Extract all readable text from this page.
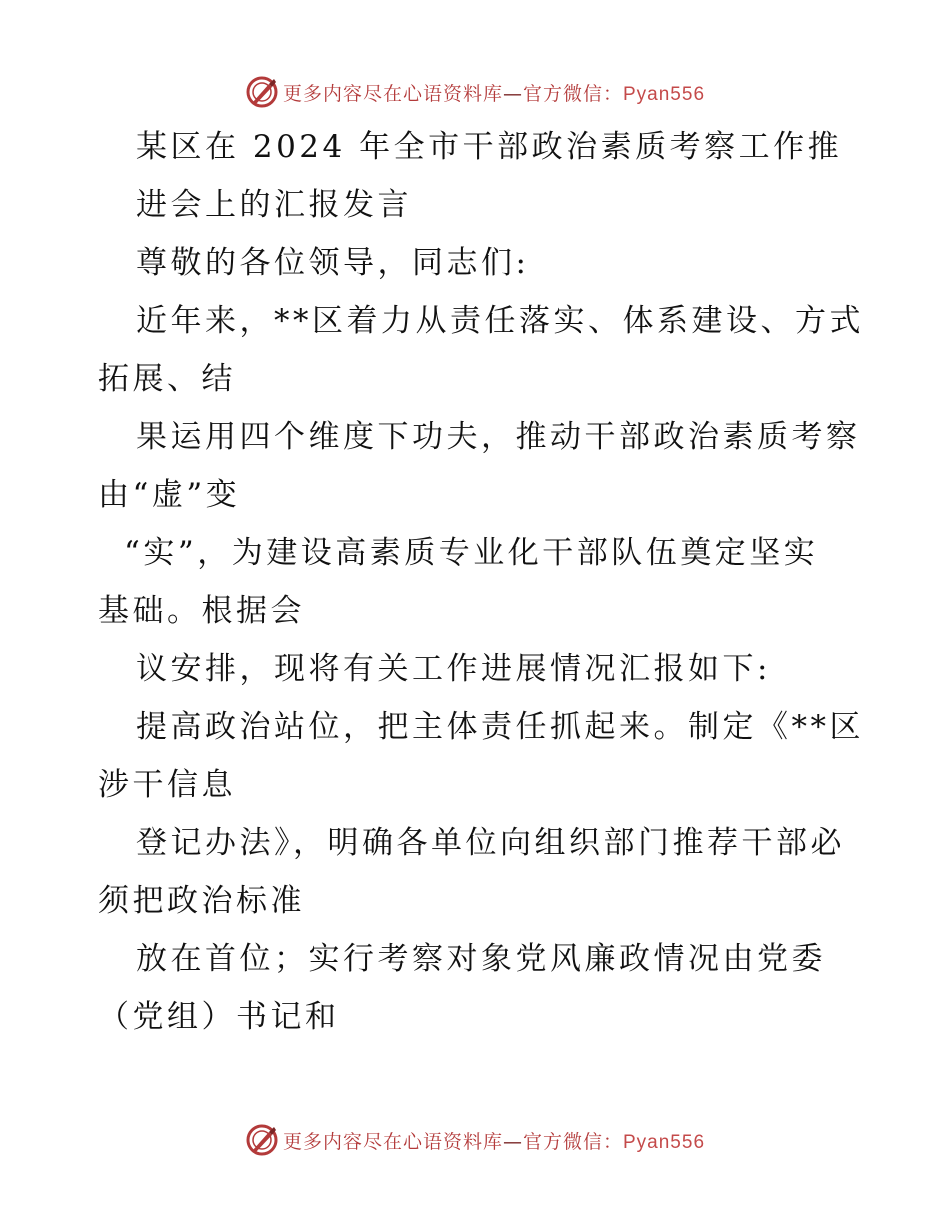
更多内容尽在心语资料库—官方微信：Pyan556
某区在 2024 年全市干部政治素质考察工作推
进会上的汇报发言
尊敬的各位领导，同志们:
近年来，**区着力从责任落实、体系建设、方式
拓展、结
果运用四个维度下功夫，推动干部政治素质考察
由“虚”变
“实”，为建设高素质专业化干部队伍奠定坚实
基础。根据会
议安排，现将有关工作进展情况汇报如下:
提高政治站位，把主体责任抓起来。制定《**区
涉干信息
登记办法》，明确各单位向组织部门推荐干部必
须把政治标准
放在首位；实行考察对象党风廉政情况由党委
（党组）书记和
更多内容尽在心语资料库—官方微信：Pyan556
